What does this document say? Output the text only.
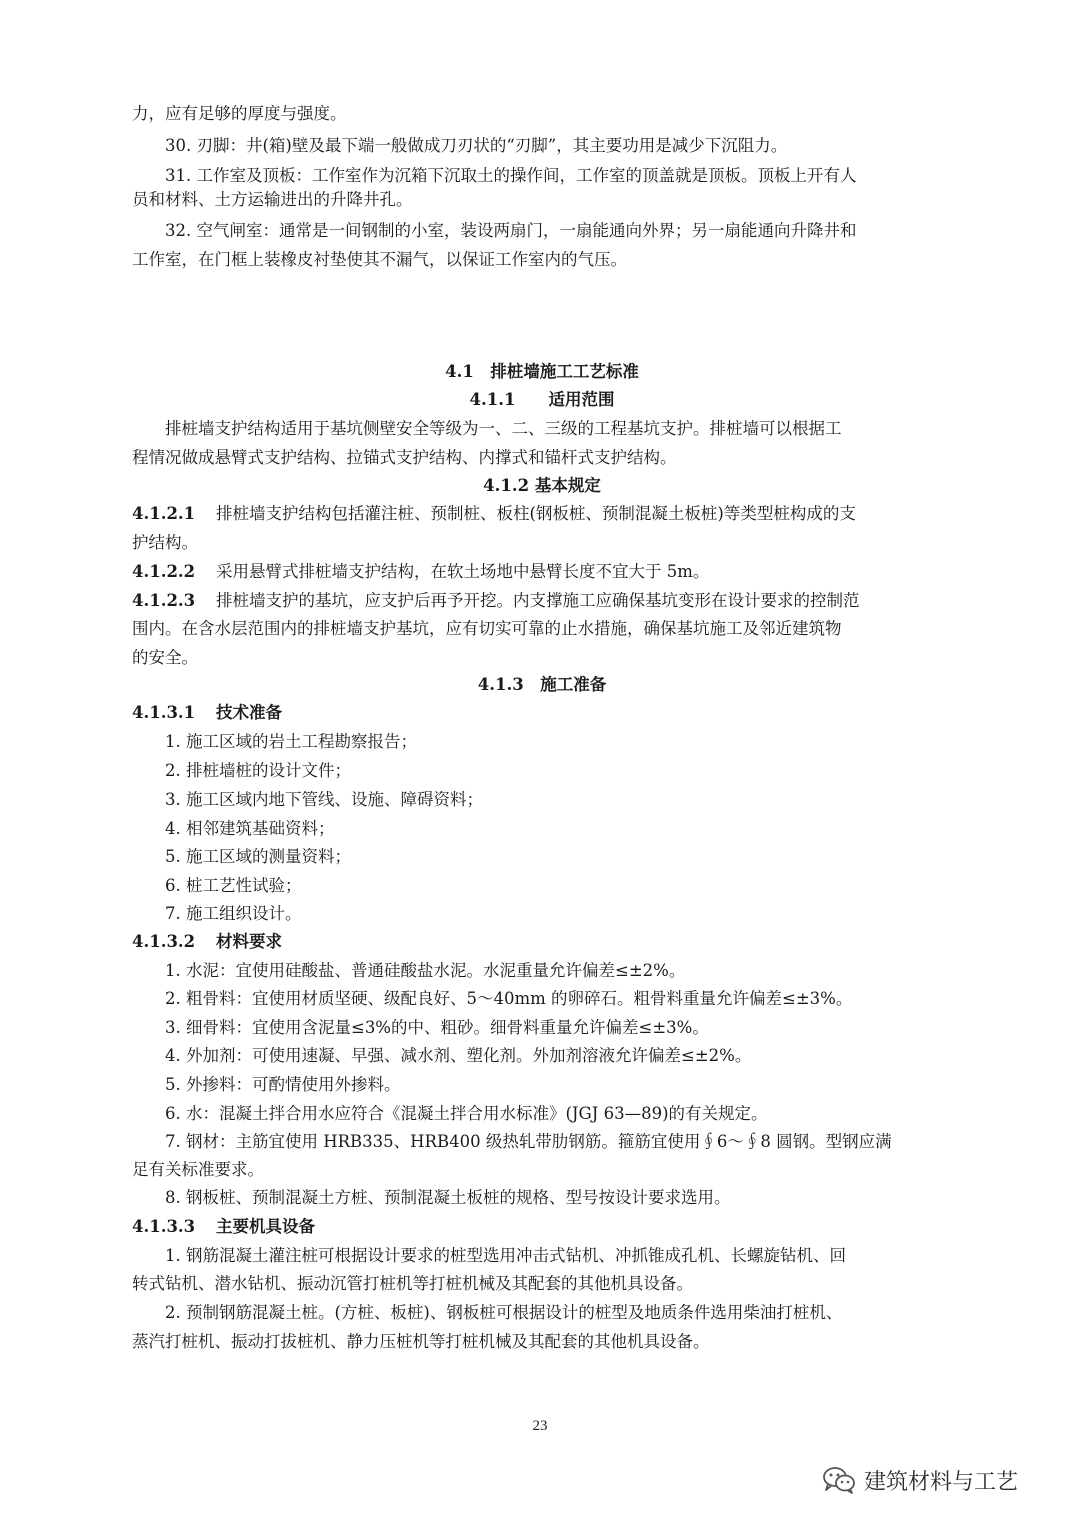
力，应有足够的厚度与强度。
30. 刃脚：井(箱)壁及最下端一般做成刀刃状的“刃脚”，其主要功用是减少下沉阻力。
31. 工作室及顶板：工作室作为沉箱下沉取土的操作间，工作室的顶盖就是顶板。顶板上开有人
员和材料、土方运输进出的升降井孔。
32. 空气闸室：通常是一间钢制的小室，装设两扇门，一扇能通向外界；另一扇能通向升降井和
工作室，在门框上装橡皮衬垫使其不漏气，以保证工作室内的气压。
4.1　排桩墙施工工艺标准
4.1.1　　适用范围
排桩墙支护结构适用于基坑侧壁安全等级为一、二、三级的工程基坑支护。排桩墙可以根据工
程情况做成悬臂式支护结构、拉锚式支护结构、内撑式和锚杆式支护结构。
4.1.2 基本规定
4.1.2.1 排桩墙支护结构包括灌注桩、预制桩、板柱(钢板桩、预制混凝土板桩)等类型桩构成的支
护结构。
4.1.2.2 采用悬臂式排桩墙支护结构，在软土场地中悬臂长度不宜大于 5m。
4.1.2.3 排桩墙支护的基坑，应支护后再予开挖。内支撑施工应确保基坑变形在设计要求的控制范
围内。在含水层范围内的排桩墙支护基坑，应有切实可靠的止水措施，确保基坑施工及邻近建筑物
的安全。
4.1.3　施工准备
4.1.3.1 技术准备
1. 施工区域的岩土工程勘察报告；
2. 排桩墙桩的设计文件；
3. 施工区域内地下管线、设施、障碍资料；
4. 相邻建筑基础资料；
5. 施工区域的测量资料；
6. 桩工艺性试验；
7. 施工组织设计。
4.1.3.2 材料要求
1. 水泥：宜使用硅酸盐、普通硅酸盐水泥。水泥重量允许偏差≤±2%。
2. 粗骨料：宜使用材质坚硬、级配良好、5～40mm 的卵碎石。粗骨料重量允许偏差≤±3%。
3. 细骨料：宜使用含泥量≤3%的中、粗砂。细骨料重量允许偏差≤±3%。
4. 外加剂：可使用速凝、早强、减水剂、塑化剂。外加剂溶液允许偏差≤±2%。
5. 外掺料：可酌情使用外掺料。
6. 水：混凝土拌合用水应符合《混凝土拌合用水标准》(JGJ 63—89)的有关规定。
7. 钢材：主筋宜使用 HRB335、HRB400 级热轧带肋钢筋。箍筋宜使用∮6～∮8 圆钢。型钢应满
足有关标准要求。
8. 钢板桩、预制混凝土方桩、预制混凝土板桩的规格、型号按设计要求选用。
4.1.3.3 主要机具设备
1. 钢筋混凝土灌注桩可根据设计要求的桩型选用冲击式钻机、冲抓锥成孔机、长螺旋钻机、回
转式钻机、潜水钻机、振动沉管打桩机等打桩机械及其配套的其他机具设备。
2. 预制钢筋混凝土桩。(方桩、板桩)、钢板桩可根据设计的桩型及地质条件选用柴油打桩机、
蒸汽打桩机、振动打拔桩机、静力压桩机等打桩机械及其配套的其他机具设备。
23
建筑材料与工艺
